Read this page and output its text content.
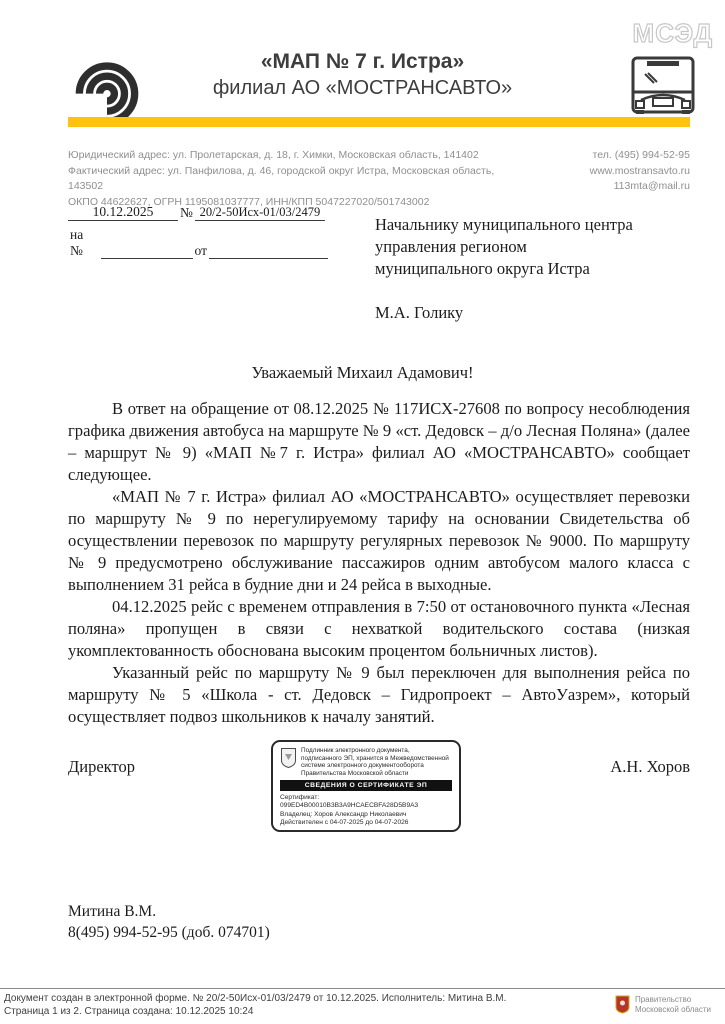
МСЭД
«МАП № 7 г. Истра»
филиал АО «МОСТРАНСАВТО»
Юридический адрес: ул. Пролетарская, д. 18, г. Химки, Московская область, 141402
Фактический адрес: ул. Панфилова, д. 46, городской округ Истра, Московская область, 143502
ОКПО 44622627, ОГРН 1195081037777, ИНН/КПП 5047227020/501743002
тел. (495) 994-52-95
www.mostransavto.ru
113mta@mail.ru
10.12.2025	№ 20/2-50Исх-01/03/2479
на №	от
Начальнику муниципального центра
управления регионом
муниципального округа Истра
М.А. Голику
Уважаемый Михаил Адамович!

В ответ на обращение от 08.12.2025 № 117ИСХ-27608 по вопросу несоблюдения графика движения автобуса на маршруте № 9 «ст. Дедовск – д/о Лесная Поляна» (далее – маршрут № 9) «МАП №7 г. Истра» филиал АО «МОСТРАНСАВТО» сообщает следующее.

«МАП № 7 г. Истра» филиал АО «МОСТРАНСАВТО» осуществляет перевозки по маршруту № 9 по нерегулируемому тарифу на основании Свидетельства об осуществлении перевозок по маршруту регулярных перевозок № 9000. По маршруту № 9 предусмотрено обслуживание пассажиров одним автобусом малого класса с выполнением 31 рейса в будние дни и 24 рейса в выходные.

04.12.2025 рейс с временем отправления в 7:50 от остановочного пункта «Лесная поляна» пропущен в связи с нехваткой водительского состава (низкая укомплектованность обоснована высоким процентом больничных листов).

Указанный рейс по маршруту № 9 был переключен для выполнения рейса по маршруту № 5 «Школа - ст. Дедовск – Гидропроект – АвтоУазрем», который осуществляет подвоз школьников к началу занятий.

Директор	А.Н. Хоров
Подлинник электронного документа, подписанного ЭП, хранится в Межведомственной системе электронного документооборота Правительства Московской области
СВЕДЕНИЯ О СЕРТИФИКАТЕ ЭП
Сертификат: 099ED4B00010B3B3A9HCAECBFA28D5B9A3
Владелец: Хоров Александр Николаевич
Действителен с 04-07-2025 до 04-07-2026
Митина В.М.
8(495) 994-52-95 (доб. 074701)
Документ создан в электронной форме. № 20/2-50Исх-01/03/2479 от 10.12.2025. Исполнитель: Митина В.М.
Страница 1 из 2. Страница создана: 10.12.2025 10:24
Правительство
Московской области
